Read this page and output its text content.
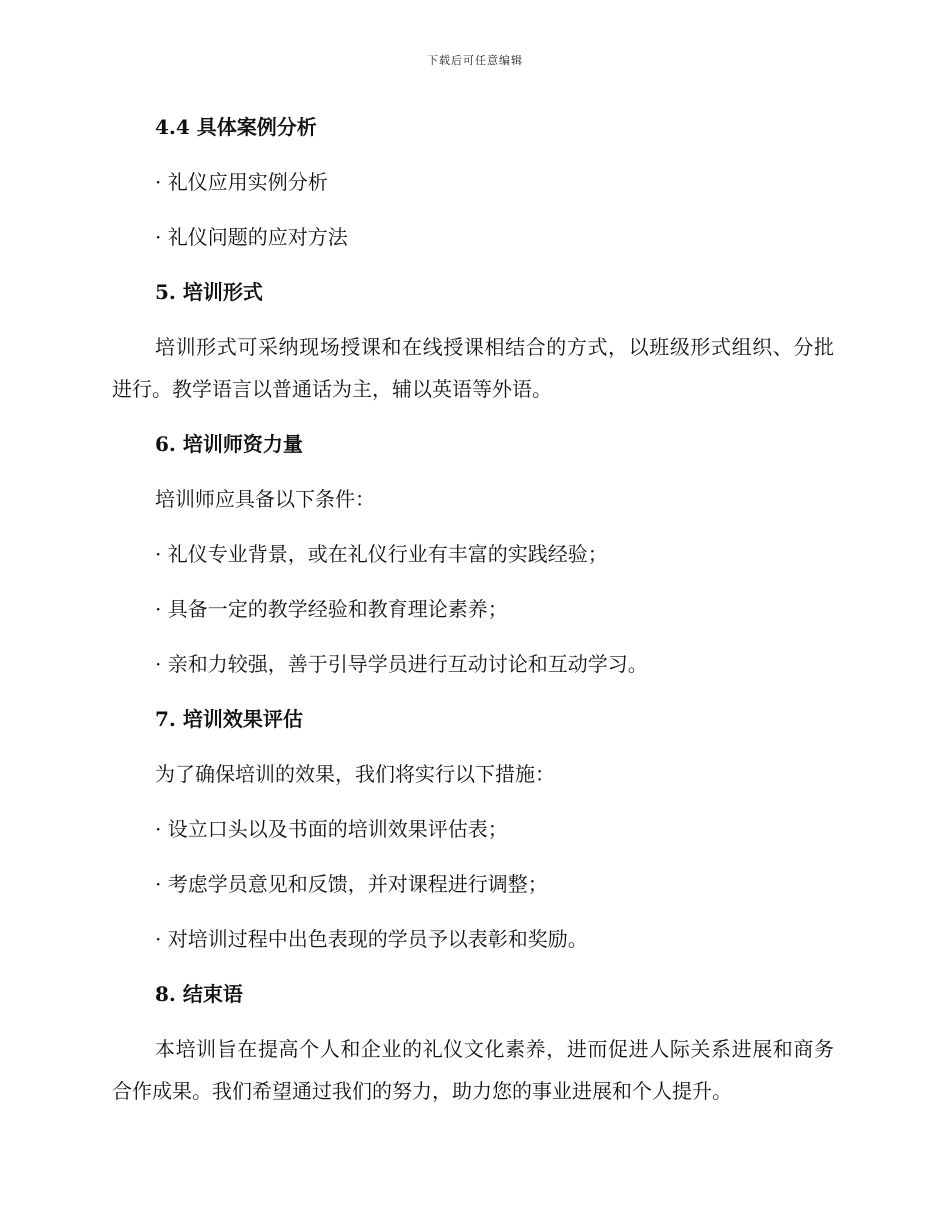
下载后可任意编辑
4.4 具体案例分析
· 礼仪应用实例分析
· 礼仪问题的应对方法
5. 培训形式
培训形式可采纳现场授课和在线授课相结合的方式，以班级形式组织、分批进行。教学语言以普通话为主，辅以英语等外语。
6. 培训师资力量
培训师应具备以下条件：
· 礼仪专业背景，或在礼仪行业有丰富的实践经验；
· 具备一定的教学经验和教育理论素养；
· 亲和力较强，善于引导学员进行互动讨论和互动学习。
7. 培训效果评估
为了确保培训的效果，我们将实行以下措施：
· 设立口头以及书面的培训效果评估表；
· 考虑学员意见和反馈，并对课程进行调整；
· 对培训过程中出色表现的学员予以表彰和奖励。
8. 结束语
本培训旨在提高个人和企业的礼仪文化素养，进而促进人际关系进展和商务合作成果。我们希望通过我们的努力，助力您的事业进展和个人提升。
